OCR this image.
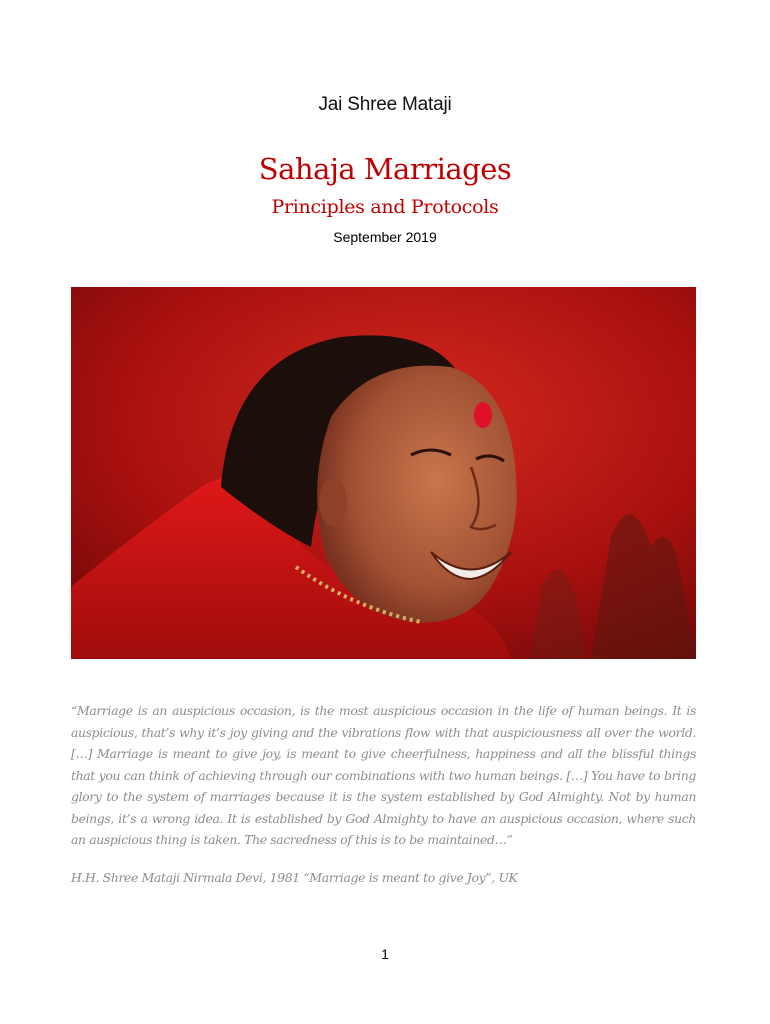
Jai Shree Mataji
Sahaja Marriages
Principles and Protocols
September 2019
“Marriage is an auspicious occasion, is the most auspicious occasion in the life of human beings. It is auspicious, that’s why it’s joy giving and the vibrations flow with that auspiciousness all over the world. […] Marriage is meant to give joy, is meant to give cheerfulness, happiness and all the blissful things that you can think of achieving through our combinations with two human beings. […] You have to bring glory to the system of marriages because it is the system established by God Almighty. Not by human beings, it’s a wrong idea. It is established by God Almighty to have an auspicious occasion, where such an auspicious thing is taken. The sacredness of this is to be maintained…”
H.H. Shree Mataji Nirmala Devi, 1981 “Marriage is meant to give Joy”, UK
1
